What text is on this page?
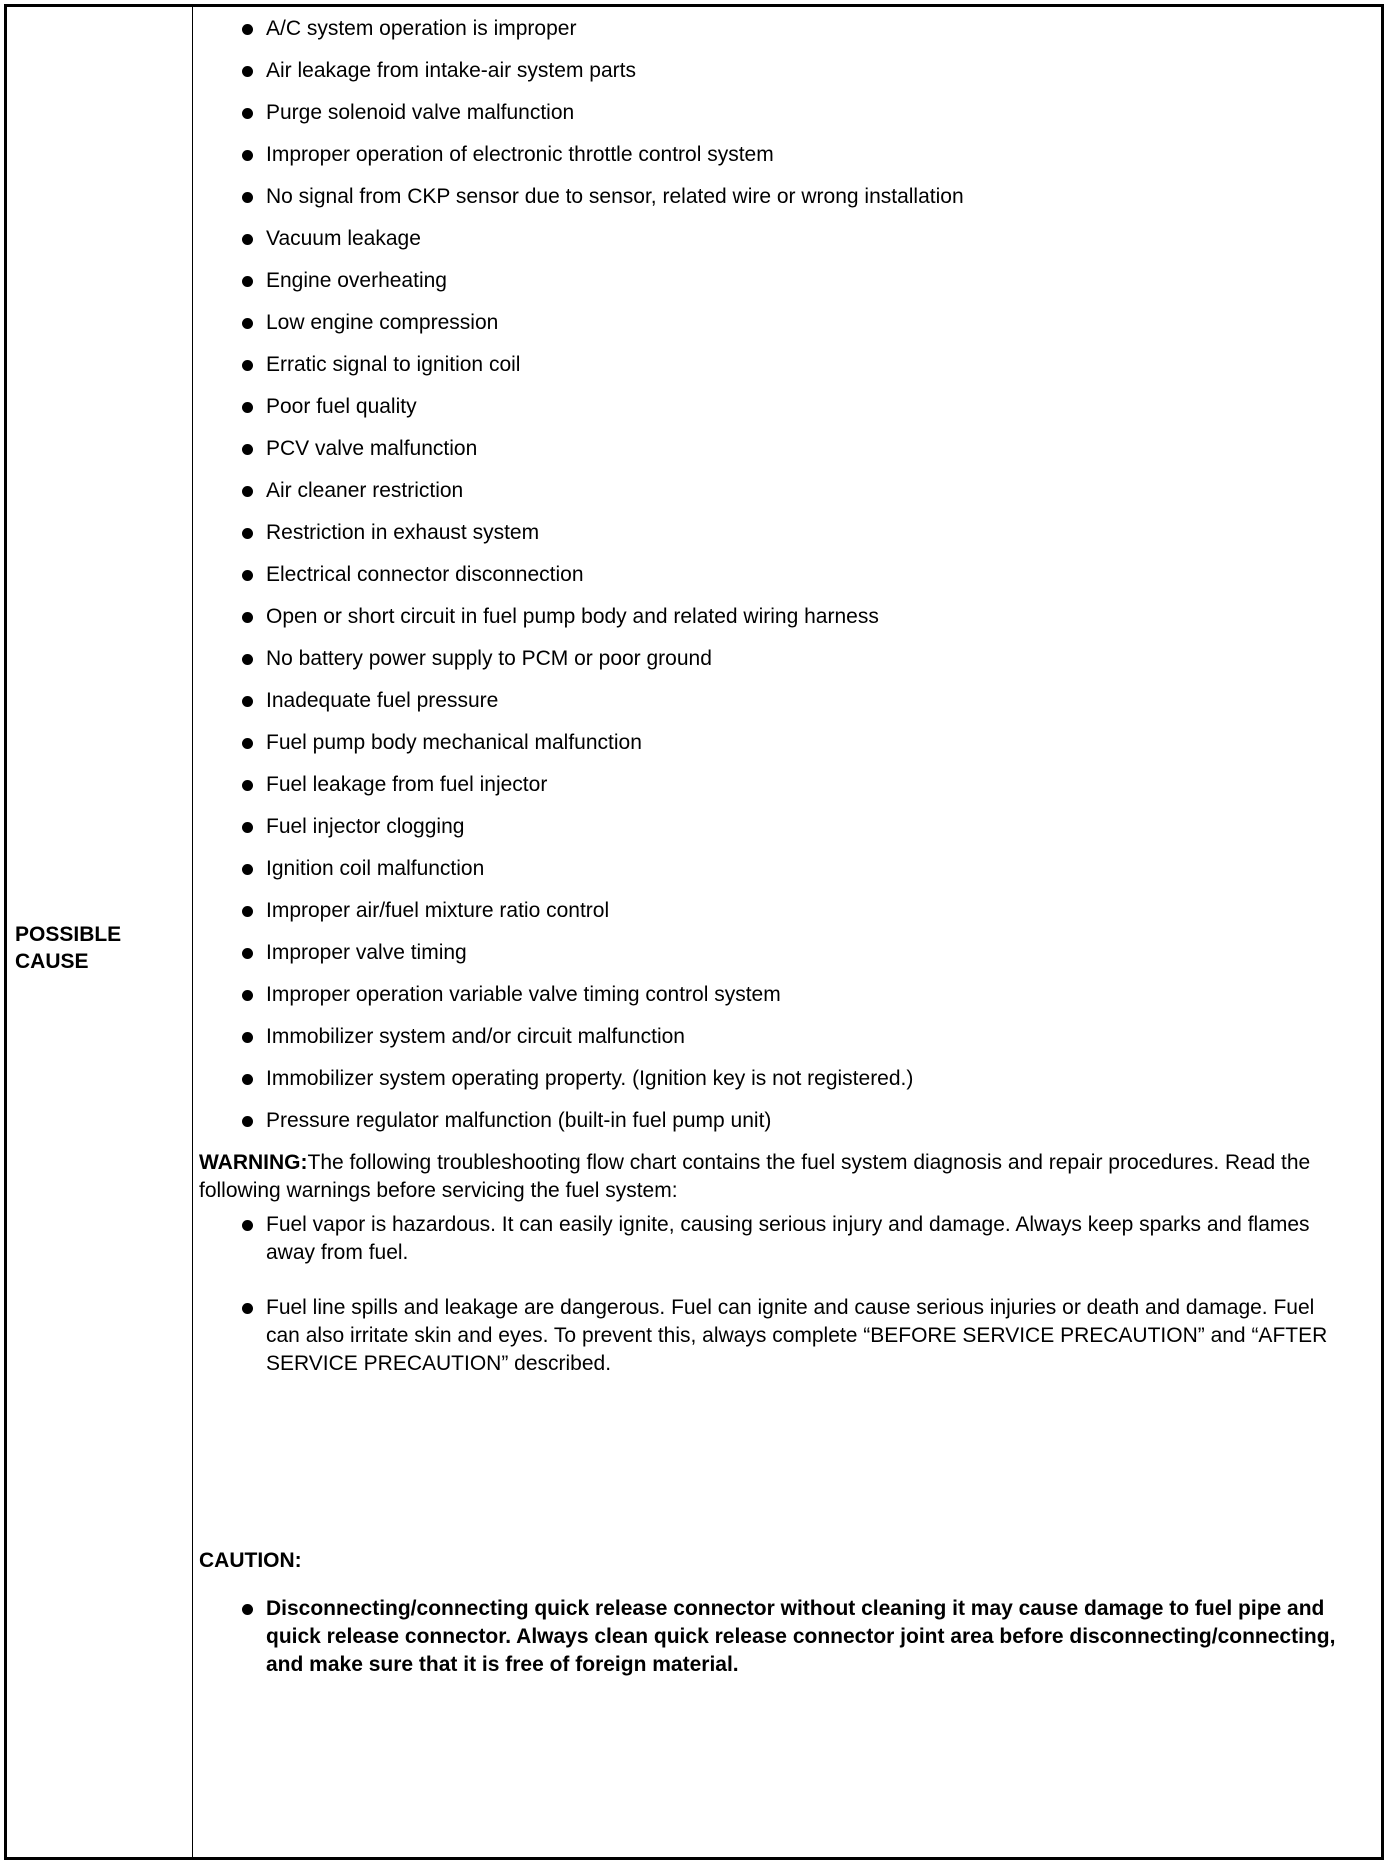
POSSIBLE
CAUSE
A/C system operation is improper
Air leakage from intake-air system parts
Purge solenoid valve malfunction
Improper operation of electronic throttle control system
No signal from CKP sensor due to sensor, related wire or wrong installation
Vacuum leakage
Engine overheating
Low engine compression
Erratic signal to ignition coil
Poor fuel quality
PCV valve malfunction
Air cleaner restriction
Restriction in exhaust system
Electrical connector disconnection
Open or short circuit in fuel pump body and related wiring harness
No battery power supply to PCM or poor ground
Inadequate fuel pressure
Fuel pump body mechanical malfunction
Fuel leakage from fuel injector
Fuel injector clogging
Ignition coil malfunction
Improper air/fuel mixture ratio control
Improper valve timing
Improper operation variable valve timing control system
Immobilizer system and/or circuit malfunction
Immobilizer system operating property. (Ignition key is not registered.)
Pressure regulator malfunction (built-in fuel pump unit)
WARNING:The following troubleshooting flow chart contains the fuel system diagnosis and repair procedures. Read the following warnings before servicing the fuel system:
Fuel vapor is hazardous. It can easily ignite, causing serious injury and damage. Always keep sparks and flames away from fuel.
Fuel line spills and leakage are dangerous. Fuel can ignite and cause serious injuries or death and damage. Fuel can also irritate skin and eyes. To prevent this, always complete “BEFORE SERVICE PRECAUTION” and “AFTER SERVICE PRECAUTION” described.
CAUTION:
Disconnecting/connecting quick release connector without cleaning it may cause damage to fuel pipe and quick release connector. Always clean quick release connector joint area before disconnecting/connecting, and make sure that it is free of foreign material.
